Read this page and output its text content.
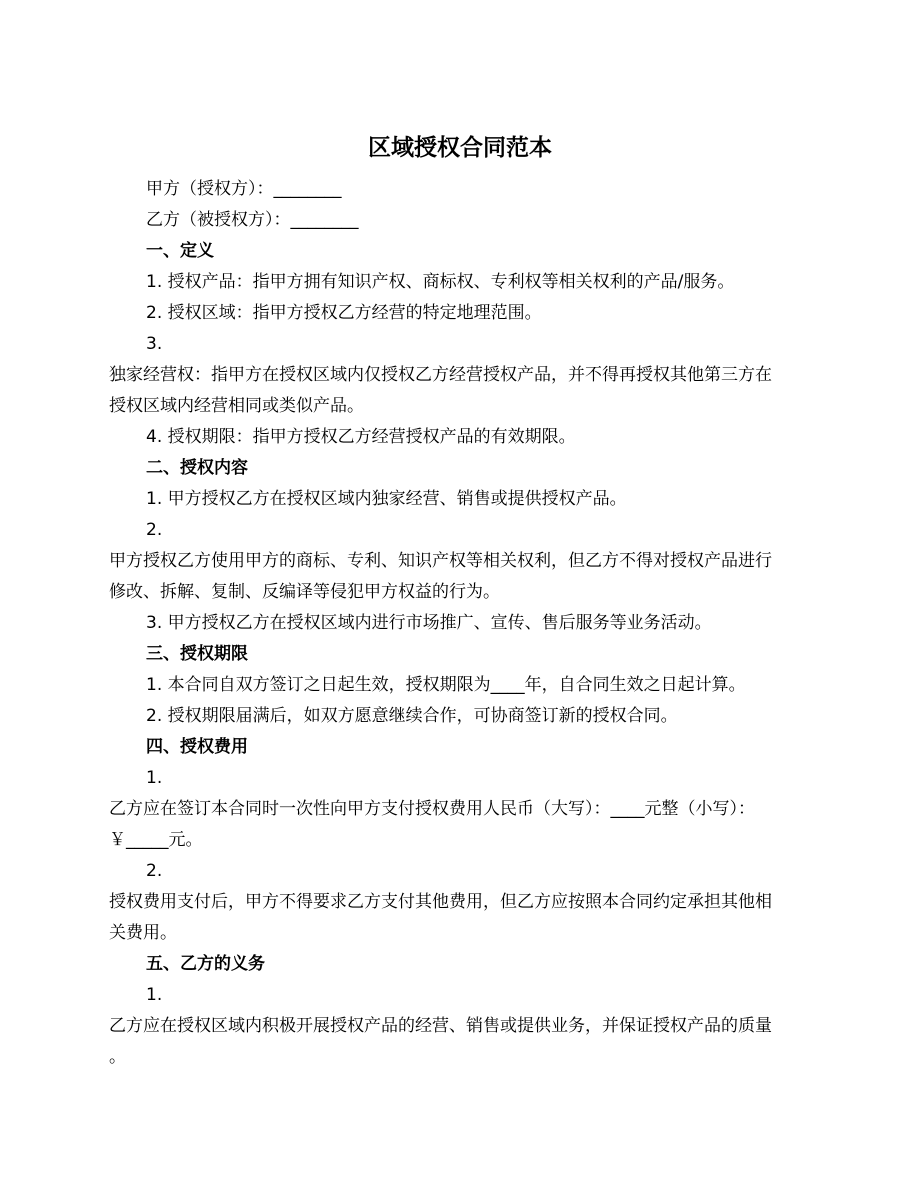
区域授权合同范本
甲方（授权方）：________
乙方（被授权方）：________
一、定义
1. 授权产品：指甲方拥有知识产权、商标权、专利权等相关权利的产品/服务。
2. 授权区域：指甲方授权乙方经营的特定地理范围。
3.
独家经营权：指甲方在授权区域内仅授权乙方经营授权产品，并不得再授权其他第三方在
授权区域内经营相同或类似产品。
4. 授权期限：指甲方授权乙方经营授权产品的有效期限。
二、授权内容
1. 甲方授权乙方在授权区域内独家经营、销售或提供授权产品。
2.
甲方授权乙方使用甲方的商标、专利、知识产权等相关权利，但乙方不得对授权产品进行
修改、拆解、复制、反编译等侵犯甲方权益的行为。
3. 甲方授权乙方在授权区域内进行市场推广、宣传、售后服务等业务活动。
三、授权期限
1. 本合同自双方签订之日起生效，授权期限为____年，自合同生效之日起计算。
2. 授权期限届满后，如双方愿意继续合作，可协商签订新的授权合同。
四、授权费用
1.
乙方应在签订本合同时一次性向甲方支付授权费用人民币（大写）：____元整（小写）：
￥_____元。
2.
授权费用支付后，甲方不得要求乙方支付其他费用，但乙方应按照本合同约定承担其他相
关费用。
五、乙方的义务
1.
乙方应在授权区域内积极开展授权产品的经营、销售或提供业务，并保证授权产品的质量
。
